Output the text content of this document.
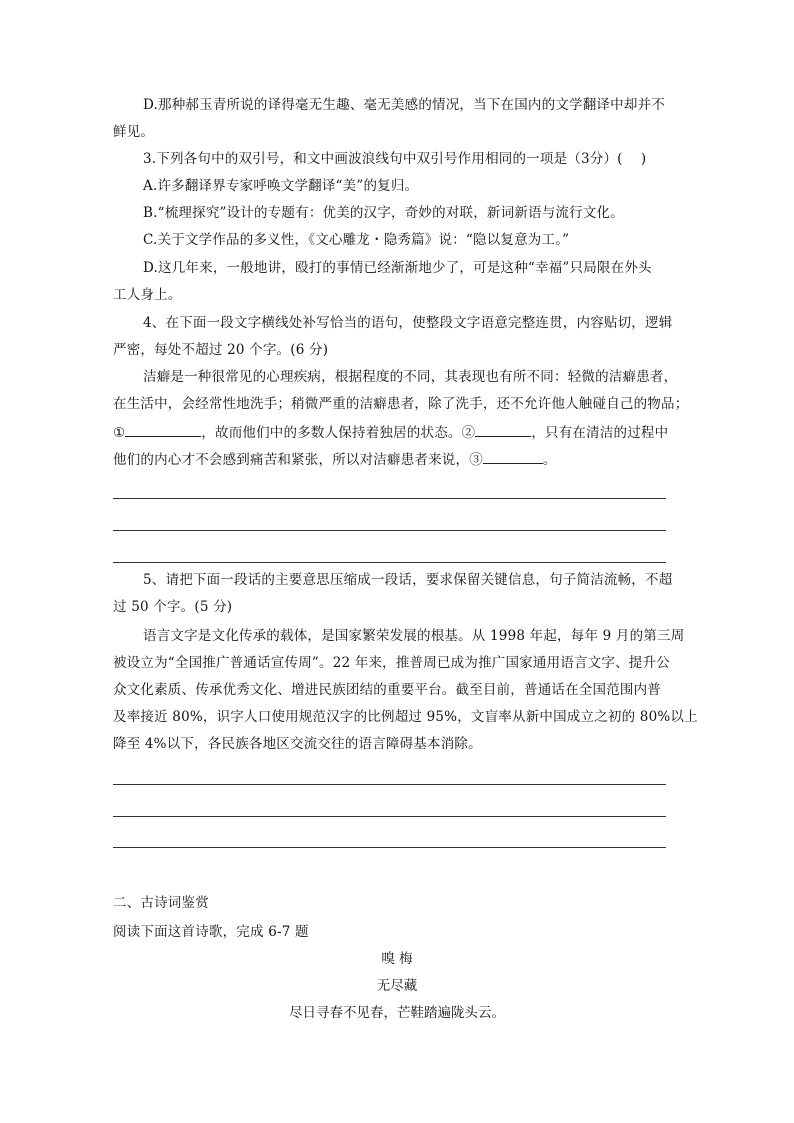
D.那种郝玉青所说的译得毫无生趣、毫无美感的情况，当下在国内的文学翻译中却并不
鲜见。
3.下列各句中的双引号，和文中画波浪线句中双引号作用相同的一项是（3分）(　 )
A.许多翻译界专家呼唤文学翻译“美”的复归。
B.“梳理探究”设计的专题有：优美的汉字，奇妙的对联，新词新语与流行文化。
C.关于文学作品的多义性，《文心雕龙・隐秀篇》说：“隐以复意为工。”
D.这几年来，一般地讲，殴打的事情已经渐渐地少了，可是这种“幸福”只局限在外头
工人身上。
4、在下面一段文字横线处补写恰当的语句，使整段文字语意完整连贯，内容贴切，逻辑
严密，每处不超过 20 个字。(6 分)
洁癖是一种很常见的心理疾病，根据程度的不同，其表现也有所不同：轻微的洁癖患者，
在生活中，会经常性地洗手；稍微严重的洁癖患者，除了洗手，还不允许他人触碰自己的物品；
①	，故而他们中的多数人保持着独居的状态。②	，只有在清洁的过程中
他们的内心才不会感到痛苦和紧张，所以对洁癖患者来说，③	。
5、请把下面一段话的主要意思压缩成一段话，要求保留关键信息，句子简洁流畅，不超
过 50 个字。(5 分)
语言文字是文化传承的载体，是国家繁荣发展的根基。从 1998 年起，每年 9 月的第三周
被设立为“全国推广普通话宣传周”。22 年来，推普周已成为推广国家通用语言文字、提升公
众文化素质、传承优秀文化、增进民族团结的重要平台。截至目前，普通话在全国范围内普
及率接近 80%，识字人口使用规范汉字的比例超过 95%，文盲率从新中国成立之初的 80%以上
降至 4%以下，各民族各地区交流交往的语言障碍基本消除。
二、古诗词鉴赏
阅读下面这首诗歌，完成 6-7 题
嗅 梅
无尽藏
尽日寻春不见春，芒鞋踏遍陇头云。
